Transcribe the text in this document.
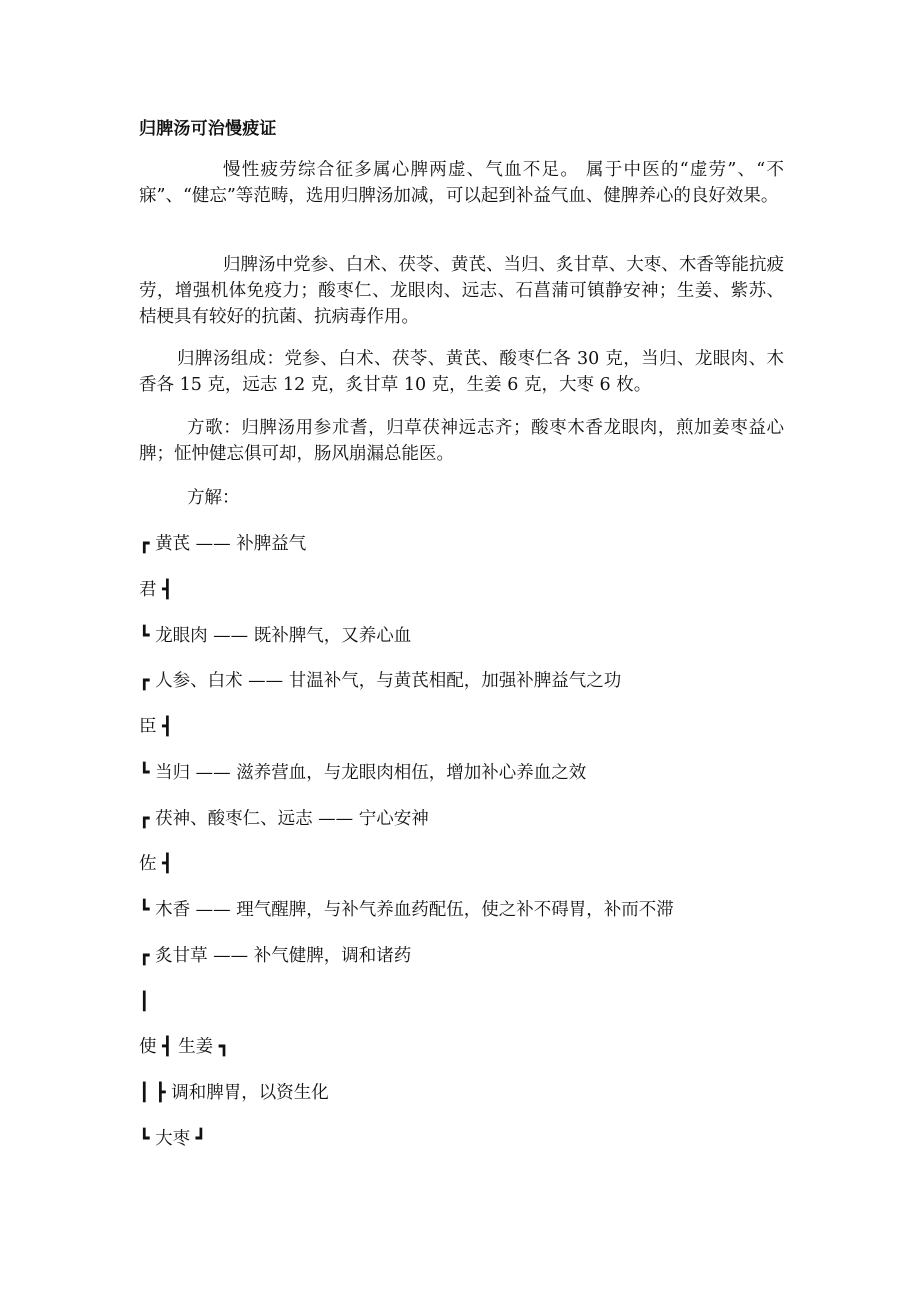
归脾汤可治慢疲证

慢性疲劳综合征多属心脾两虚、气血不足。 属于中医的“虚劳”、“不寐”、“健忘”等范畴，选用归脾汤加减，可以起到补益气血、健脾养心的良好效果。

归脾汤中党参、白术、茯苓、黄芪、当归、炙甘草、大枣、木香等能抗疲劳，增强机体免疫力；酸枣仁、龙眼肉、远志、石菖蒲可镇静安神；生姜、紫苏、桔梗具有较好的抗菌、抗病毒作用。

归脾汤组成：党参、白术、茯苓、黄芪、酸枣仁各 30 克，当归、龙眼肉、木香各 15 克，远志 12 克，炙甘草 10 克，生姜 6 克，大枣 6 枚。

方歌：归脾汤用参朮耆，归草茯神远志齐；酸枣木香龙眼肉，煎加姜枣益心脾；怔忡健忘俱可却，肠风崩漏总能医。

方解：
┏ 黄芪 —— 补脾益气
君 ┫
┗ 龙眼肉 —— 既补脾气，又养心血
┏ 人参、白术 —— 甘温补气，与黄芪相配，加强补脾益气之功
臣 ┫
┗ 当归 —— 滋养营血，与龙眼肉相伍，增加补心养血之效
┏ 茯神、酸枣仁、远志 —— 宁心安神
佐 ┫
┗ 木香 —— 理气醒脾，与补气养血药配伍，使之补不碍胃，补而不滞
┏ 炙甘草 —— 补气健脾，调和诸药
┃
使 ┫ 生姜 ┓
┃ ┣ 调和脾胃，以资生化
┗ 大枣 ┛
